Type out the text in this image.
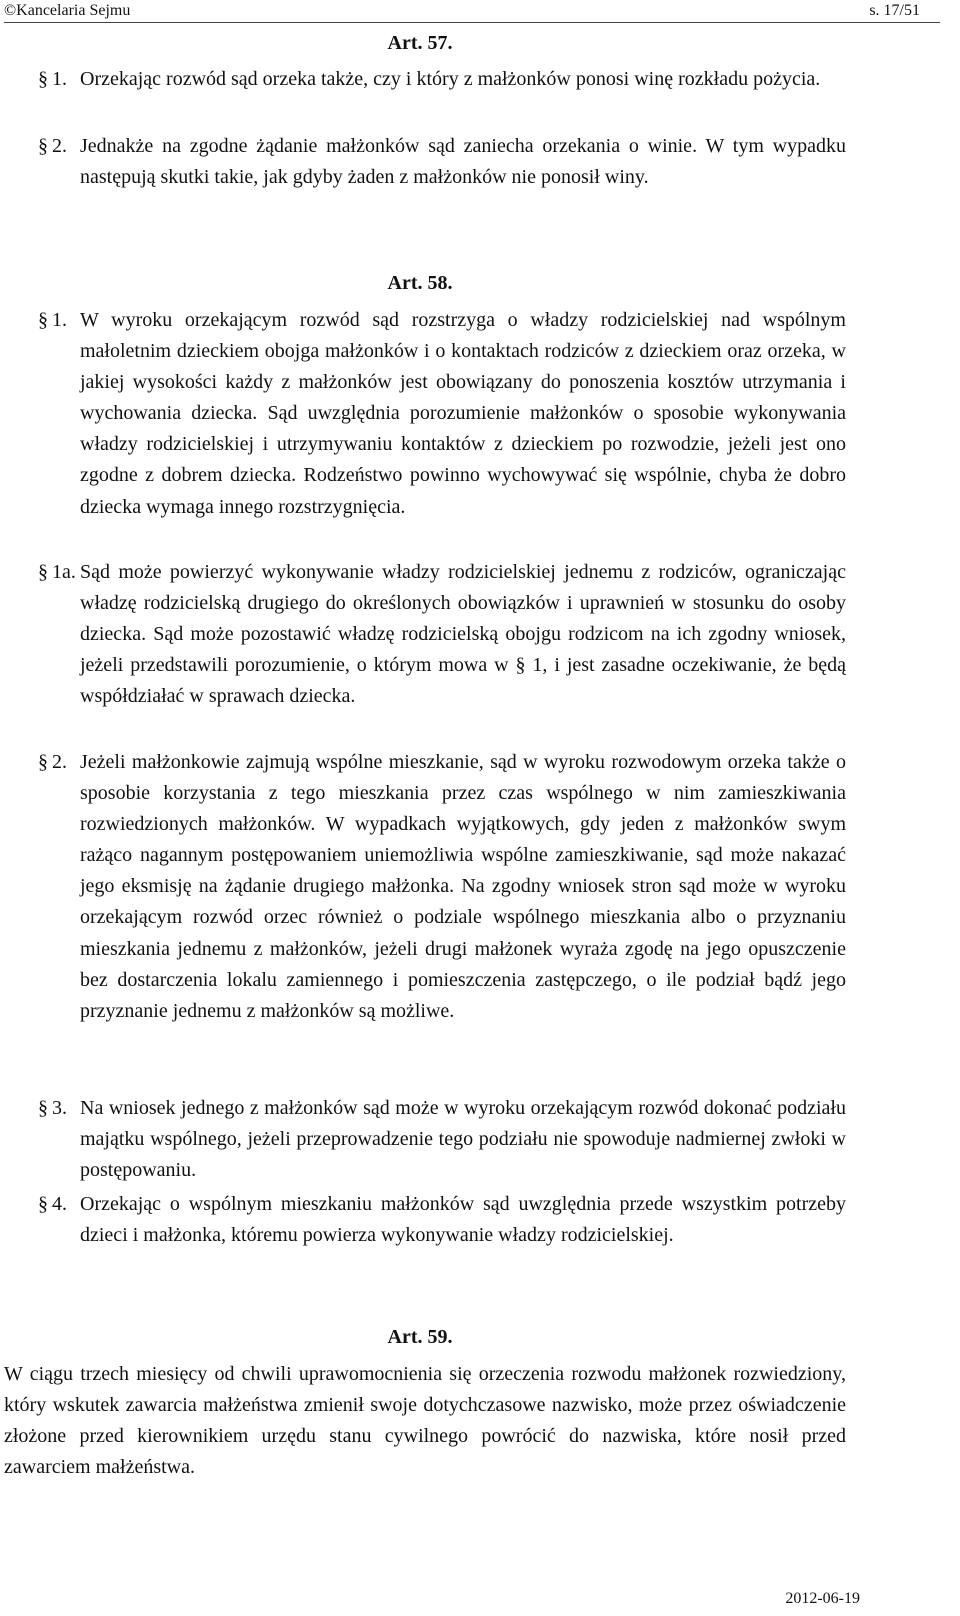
©Kancelaria Sejmu	s. 17/51
Art. 57.
§ 1. Orzekając rozwód sąd orzeka także, czy i który z małżonków ponosi winę rozkładu pożycia.
§ 2. Jednakże na zgodne żądanie małżonków sąd zaniecha orzekania o winie. W tym wypadku następują skutki takie, jak gdyby żaden z małżonków nie ponosił winy.
Art. 58.
§ 1. W wyroku orzekającym rozwód sąd rozstrzyga o władzy rodzicielskiej nad wspólnym małoletnim dzieckiem obojga małżonków i o kontaktach rodziców z dzieckiem oraz orzeka, w jakiej wysokości każdy z małżonków jest obowiązany do ponoszenia kosztów utrzymania i wychowania dziecka. Sąd uwzględnia porozumienie małżonków o sposobie wykonywania władzy rodzicielskiej i utrzymywaniu kontaktów z dzieckiem po rozwodzie, jeżeli jest ono zgodne z dobrem dziecka. Rodzeństwo powinno wychowywać się wspólnie, chyba że dobro dziecka wymaga innego rozstrzygnięcia.
§ 1a. Sąd może powierzyć wykonywanie władzy rodzicielskiej jednemu z rodziców, ograniczając władzę rodzicielską drugiego do określonych obowiązków i uprawnień w stosunku do osoby dziecka. Sąd może pozostawić władzę rodzicielską obojgu rodzicom na ich zgodny wniosek, jeżeli przedstawili porozumienie, o którym mowa w § 1, i jest zasadne oczekiwanie, że będą współdziałać w sprawach dziecka.
§ 2. Jeżeli małżonkowie zajmują wspólne mieszkanie, sąd w wyroku rozwodowym orzeka także o sposobie korzystania z tego mieszkania przez czas wspólnego w nim zamieszkiwania rozwiedzionych małżonków. W wypadkach wyjątkowych, gdy jeden z małżonków swym rażąco nagannym postępowaniem uniemożliwia wspólne zamieszkiwanie, sąd może nakazać jego eksmisję na żądanie drugiego małżonka. Na zgodny wniosek stron sąd może w wyroku orzekającym rozwód orzec również o podziale wspólnego mieszkania albo o przyznaniu mieszkania jednemu z małżonków, jeżeli drugi małżonek wyraża zgodę na jego opuszczenie bez dostarczenia lokalu zamiennego i pomieszczenia zastępczego, o ile podział bądź jego przyznanie jednemu z małżonków są możliwe.
§ 3. Na wniosek jednego z małżonków sąd może w wyroku orzekającym rozwód dokonać podziału majątku wspólnego, jeżeli przeprowadzenie tego podziału nie spowoduje nadmiernej zwłoki w postępowaniu.
§ 4. Orzekając o wspólnym mieszkaniu małżonków sąd uwzględnia przede wszystkim potrzeby dzieci i małżonka, któremu powierza wykonywanie władzy rodzicielskiej.
Art. 59.
W ciągu trzech miesięcy od chwili uprawomocnienia się orzeczenia rozwodu małżonek rozwiedziony, który wskutek zawarcia małżeństwa zmienił swoje dotychczasowe nazwisko, może przez oświadczenie złożone przed kierownikiem urzędu stanu cywilnego powrócić do nazwiska, które nosił przed zawarciem małżeństwa.
2012-06-19
